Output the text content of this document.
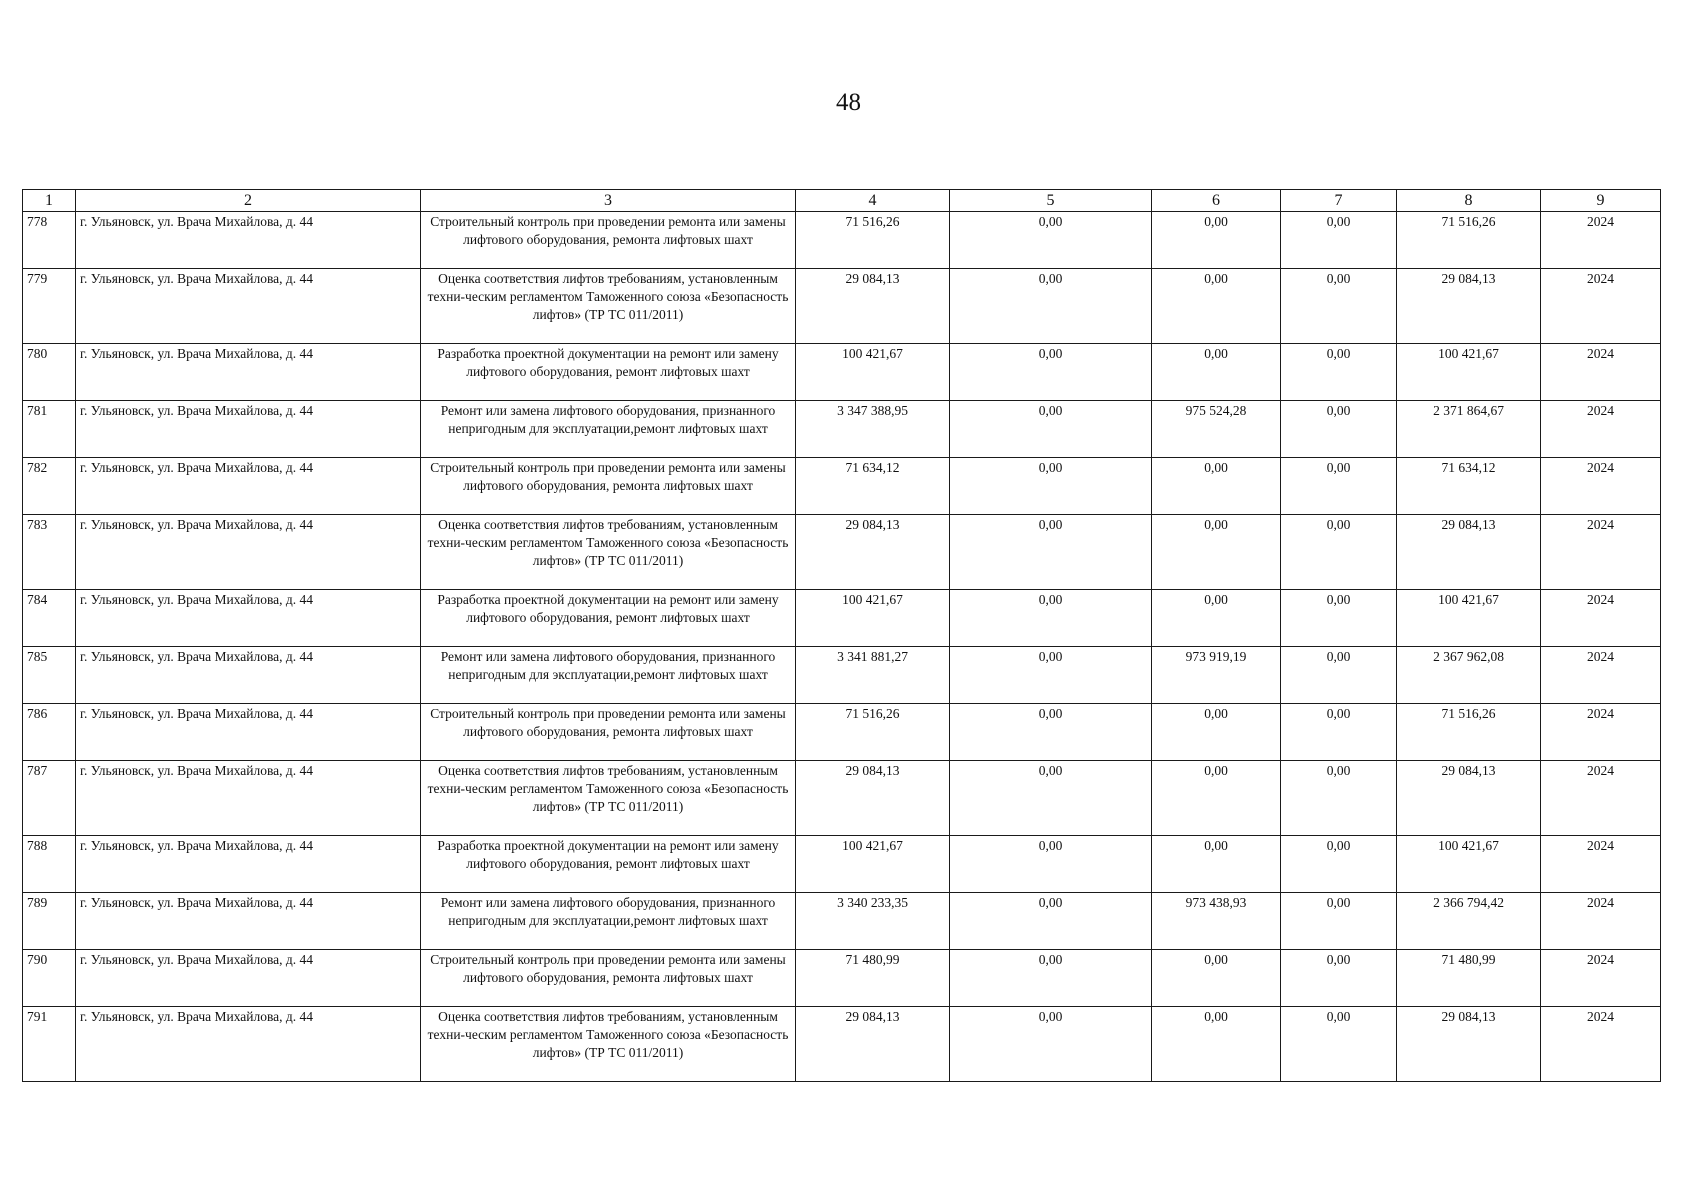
48
1	2	3	4	5	6	7	8	9
778	г. Ульяновск, ул. Врача Михайлова, д. 44	Строительный контроль при проведении ремонта или замены лифтового оборудования, ремонта лифтовых шахт	71 516,26	0,00	0,00	0,00	71 516,26	2024
779	г. Ульяновск, ул. Врача Михайлова, д. 44	Оценка соответствия лифтов требованиям, установленным техни-ческим регламентом Таможенного союза «Безопасность лифтов» (ТР ТС 011/2011)	29 084,13	0,00	0,00	0,00	29 084,13	2024
780	г. Ульяновск, ул. Врача Михайлова, д. 44	Разработка проектной документации на ремонт или замену лифтового оборудования, ремонт лифтовых шахт	100 421,67	0,00	0,00	0,00	100 421,67	2024
781	г. Ульяновск, ул. Врача Михайлова, д. 44	Ремонт или замена лифтового оборудования, признанного непригодным для эксплуатации,ремонт лифтовых шахт	3 347 388,95	0,00	975 524,28	0,00	2 371 864,67	2024
782	г. Ульяновск, ул. Врача Михайлова, д. 44	Строительный контроль при проведении ремонта или замены лифтового оборудования, ремонта лифтовых шахт	71 634,12	0,00	0,00	0,00	71 634,12	2024
783	г. Ульяновск, ул. Врача Михайлова, д. 44	Оценка соответствия лифтов требованиям, установленным техни-ческим регламентом Таможенного союза «Безопасность лифтов» (ТР ТС 011/2011)	29 084,13	0,00	0,00	0,00	29 084,13	2024
784	г. Ульяновск, ул. Врача Михайлова, д. 44	Разработка проектной документации на ремонт или замену лифтового оборудования, ремонт лифтовых шахт	100 421,67	0,00	0,00	0,00	100 421,67	2024
785	г. Ульяновск, ул. Врача Михайлова, д. 44	Ремонт или замена лифтового оборудования, признанного непригодным для эксплуатации,ремонт лифтовых шахт	3 341 881,27	0,00	973 919,19	0,00	2 367 962,08	2024
786	г. Ульяновск, ул. Врача Михайлова, д. 44	Строительный контроль при проведении ремонта или замены лифтового оборудования, ремонта лифтовых шахт	71 516,26	0,00	0,00	0,00	71 516,26	2024
787	г. Ульяновск, ул. Врача Михайлова, д. 44	Оценка соответствия лифтов требованиям, установленным техни-ческим регламентом Таможенного союза «Безопасность лифтов» (ТР ТС 011/2011)	29 084,13	0,00	0,00	0,00	29 084,13	2024
788	г. Ульяновск, ул. Врача Михайлова, д. 44	Разработка проектной документации на ремонт или замену лифтового оборудования, ремонт лифтовых шахт	100 421,67	0,00	0,00	0,00	100 421,67	2024
789	г. Ульяновск, ул. Врача Михайлова, д. 44	Ремонт или замена лифтового оборудования, признанного непригодным для эксплуатации,ремонт лифтовых шахт	3 340 233,35	0,00	973 438,93	0,00	2 366 794,42	2024
790	г. Ульяновск, ул. Врача Михайлова, д. 44	Строительный контроль при проведении ремонта или замены лифтового оборудования, ремонта лифтовых шахт	71 480,99	0,00	0,00	0,00	71 480,99	2024
791	г. Ульяновск, ул. Врача Михайлова, д. 44	Оценка соответствия лифтов требованиям, установленным техни-ческим регламентом Таможенного союза «Безопасность лифтов» (ТР ТС 011/2011)	29 084,13	0,00	0,00	0,00	29 084,13	2024
